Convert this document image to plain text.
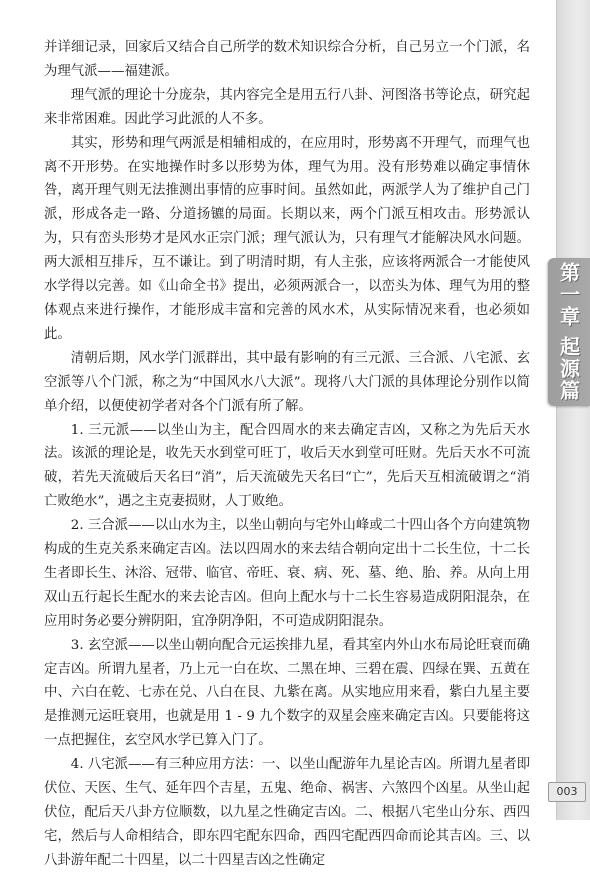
并详细记录，回家后又结合自己所学的数术知识综合分析，自己另立一个门派，名为理气派——福建派。

理气派的理论十分庞杂，其内容完全是用五行八卦、河图洛书等论点，研究起来非常困难。因此学习此派的人不多。

其实，形势和理气两派是相辅相成的，在应用时，形势离不开理气，而理气也离不开形势。在实地操作时多以形势为体，理气为用。没有形势难以确定事情休咎，离开理气则无法推测出事情的应事时间。虽然如此，两派学人为了维护自己门派，形成各走一路、分道扬镳的局面。长期以来，两个门派互相攻击。形势派认为，只有峦头形势才是风水正宗门派；理气派认为，只有理气才能解决风水问题。两大派相互排斥，互不谦让。到了明清时期，有人主张，应该将两派合一才能使风水学得以完善。如《山命全书》提出，必须两派合一，以峦头为体、理气为用的整体观点来进行操作，才能形成丰富和完善的风水术，从实际情况来看，也必须如此。

清朝后期，风水学门派群出，其中最有影响的有三元派、三合派、八宅派、玄空派等八个门派，称之为“中国风水八大派”。现将八大门派的具体理论分别作以简单介绍，以便使初学者对各个门派有所了解。

1. 三元派——以坐山为主，配合四周水的来去确定吉凶，又称之为先后天水法。该派的理论是，收先天水到堂可旺丁，收后天水到堂可旺财。先后天水不可流破，若先天流破后天名曰“消”，后天流破先天名曰“亡”，先后天互相流破谓之“消亡败绝水”，遇之主克妻损财，人丁败绝。

2. 三合派——以山水为主，以坐山朝向与宅外山峰或二十四山各个方向建筑物构成的生克关系来确定吉凶。法以四周水的来去结合朝向定出十二长生位，十二长生者即长生、沐浴、冠带、临官、帝旺、衰、病、死、墓、绝、胎、养。从向上用双山五行起长生配水的来去论吉凶。但向上配水与十二长生容易造成阴阳混杂，在应用时务必要分辨阴阳，宜净阴净阳，不可造成阴阳混杂。

3. 玄空派——以坐山朝向配合元运挨排九星，看其室内外山水布局论旺衰而确定吉凶。所谓九星者，乃上元一白在坎、二黑在坤、三碧在震、四绿在巽、五黄在中、六白在乾、七赤在兑、八白在艮、九紫在离。从实地应用来看，紫白九星主要是推测元运旺衰用，也就是用 1 - 9 九个数字的双星会座来确定吉凶。只要能将这一点把握住，玄空风水学已算入门了。

4. 八宅派——有三种应用方法：一、以坐山配游年九星论吉凶。所谓九星者即伏位、天医、生气、延年四个吉星，五鬼、绝命、祸害、六煞四个凶星。从坐山起伏位，配后天八卦方位顺数，以九星之性确定吉凶。二、根据八宅坐山分东、西四宅，然后与人命相结合，即东四宅配东四命，西四宅配西四命而论其吉凶。三、以八卦游年配二十四星，以二十四星吉凶之性确定

第一章
起源篇
003
